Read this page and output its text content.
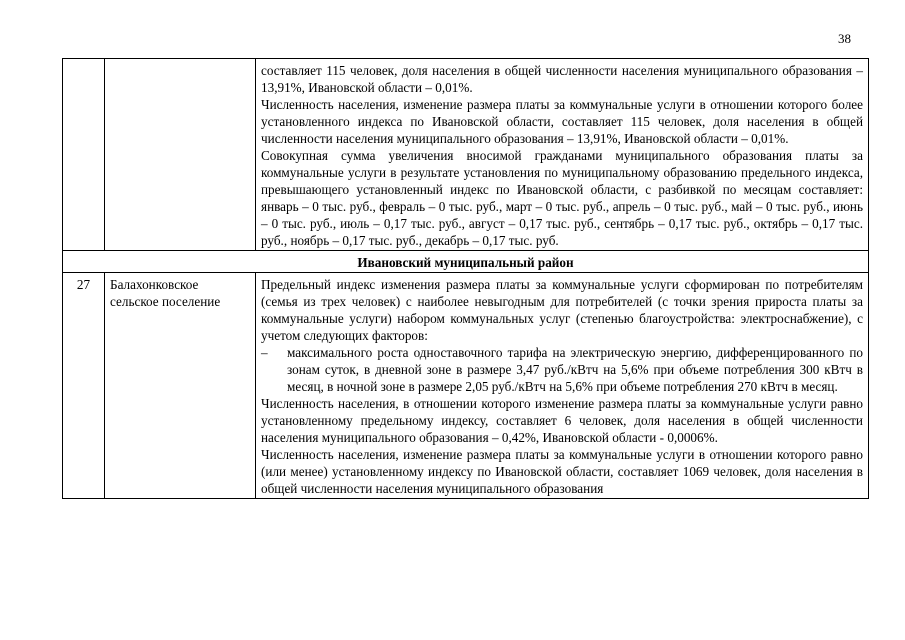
38

		составляет 115 человек, доля населения в общей численности населения муниципального образования – 13,91%, Ивановской области – 0,01%.

Численность населения, изменение размера платы за коммунальные услуги в отношении которого более установленного индекса по Ивановской области, составляет 115 человек, доля населения в общей численности населения муниципального образования – 13,91%, Ивановской области – 0,01%.

Совокупная сумма увеличения вносимой гражданами муниципального образования платы за коммунальные услуги в результате установления по муниципальному образованию предельного индекса, превышающего установленный индекс по Ивановской области, с разбивкой по месяцам составляет: январь – 0 тыс. руб., февраль – 0 тыс. руб., март – 0 тыс. руб., апрель – 0 тыс. руб., май – 0 тыс. руб., июнь – 0 тыс. руб., июль – 0,17 тыс. руб., август – 0,17 тыс. руб., сентябрь – 0,17 тыс. руб., октябрь – 0,17 тыс. руб., ноябрь – 0,17 тыс. руб., декабрь – 0,17 тыс. руб.

Ивановский муниципальный район		
27	Балахонковское сельское поселение	Предельный индекс изменения размера платы за коммунальные услуги сформирован по потребителям (семья из трех человек) с наиболее невыгодным для потребителей (с точки зрения прироста платы за коммунальные услуги) набором коммунальных услуг (степенью благоустройства: электроснабжение), с учетом следующих факторов:

– максимального роста одноставочного тарифа на электрическую энергию, дифференцированного по зонам суток, в дневной зоне в размере 3,47 руб./кВтч на 5,6% при объеме потребления 300 кВтч в месяц, в ночной зоне в размере 2,05 руб./кВтч на 5,6% при объеме потребления 270 кВтч в месяц.

Численность населения, в отношении которого изменение размера платы за коммунальные услуги равно установленному предельному индексу, составляет 6 человек, доля населения в общей численности населения муниципального образования – 0,42%, Ивановской области - 0,0006%.

Численность населения, изменение размера платы за коммунальные услуги в отношении которого равно (или менее) установленному индексу по Ивановской области, составляет 1069 человек, доля населения в общей численности населения муниципального образования
